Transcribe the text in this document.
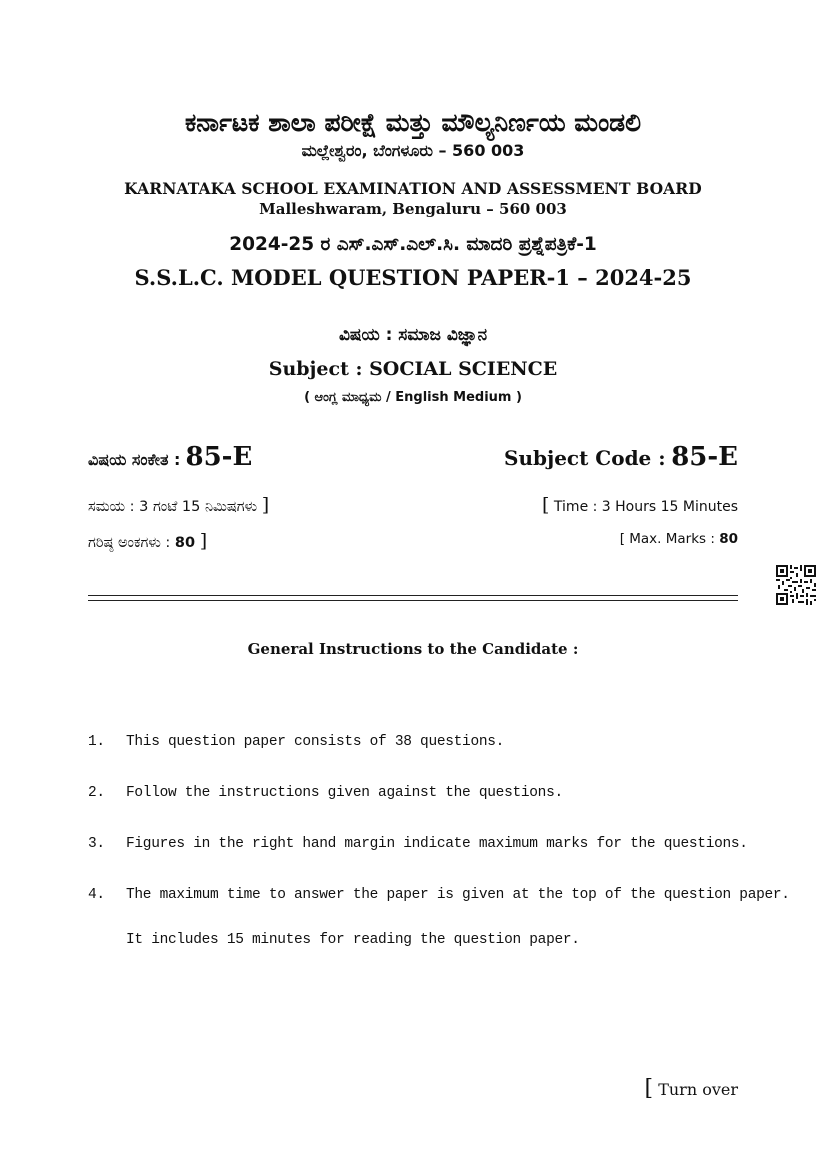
ಕರ್ನಾಟಕ ಶಾಲಾ ಪರೀಕ್ಷೆ ಮತ್ತು ಮೌಲ್ಯನಿರ್ಣಯ ಮಂಡಲಿ
ಮಲ್ಲೇಶ್ವರಂ, ಬೆಂಗಳೂರು – 560 003
KARNATAKA SCHOOL EXAMINATION AND ASSESSMENT BOARD
Malleshwaram, Bengaluru – 560 003
2024-25 ರ ಎಸ್.ಎಸ್.ಎಲ್.ಸಿ. ಮಾದರಿ ಪ್ರಶ್ನೆಪತ್ರಿಕೆ-1
S.S.L.C. MODEL QUESTION PAPER-1 – 2024-25
ವಿಷಯ : ಸಮಾಜ ವಿಜ್ಞಾನ
Subject : SOCIAL SCIENCE
( ಆಂಗ್ಲ ಮಾಧ್ಯಮ / English Medium )
ವಿಷಯ ಸಂಕೇತ : 85-E	Subject Code : 85-E
ಸಮಯ : 3 ಗಂಟೆ 15 ನಿಮಿಷಗಳು ]	[ Time : 3 Hours 15 Minutes
ಗರಿಷ್ಠ ಅಂಕಗಳು : 80 ]	[ Max. Marks : 80
General Instructions to the Candidate :
1. This question paper consists of 38 questions.
2. Follow the instructions given against the questions.
3. Figures in the right hand margin indicate maximum marks for the questions.
4. The maximum time to answer the paper is given at the top of the question paper.
It includes 15 minutes for reading the question paper.
[ Turn over
